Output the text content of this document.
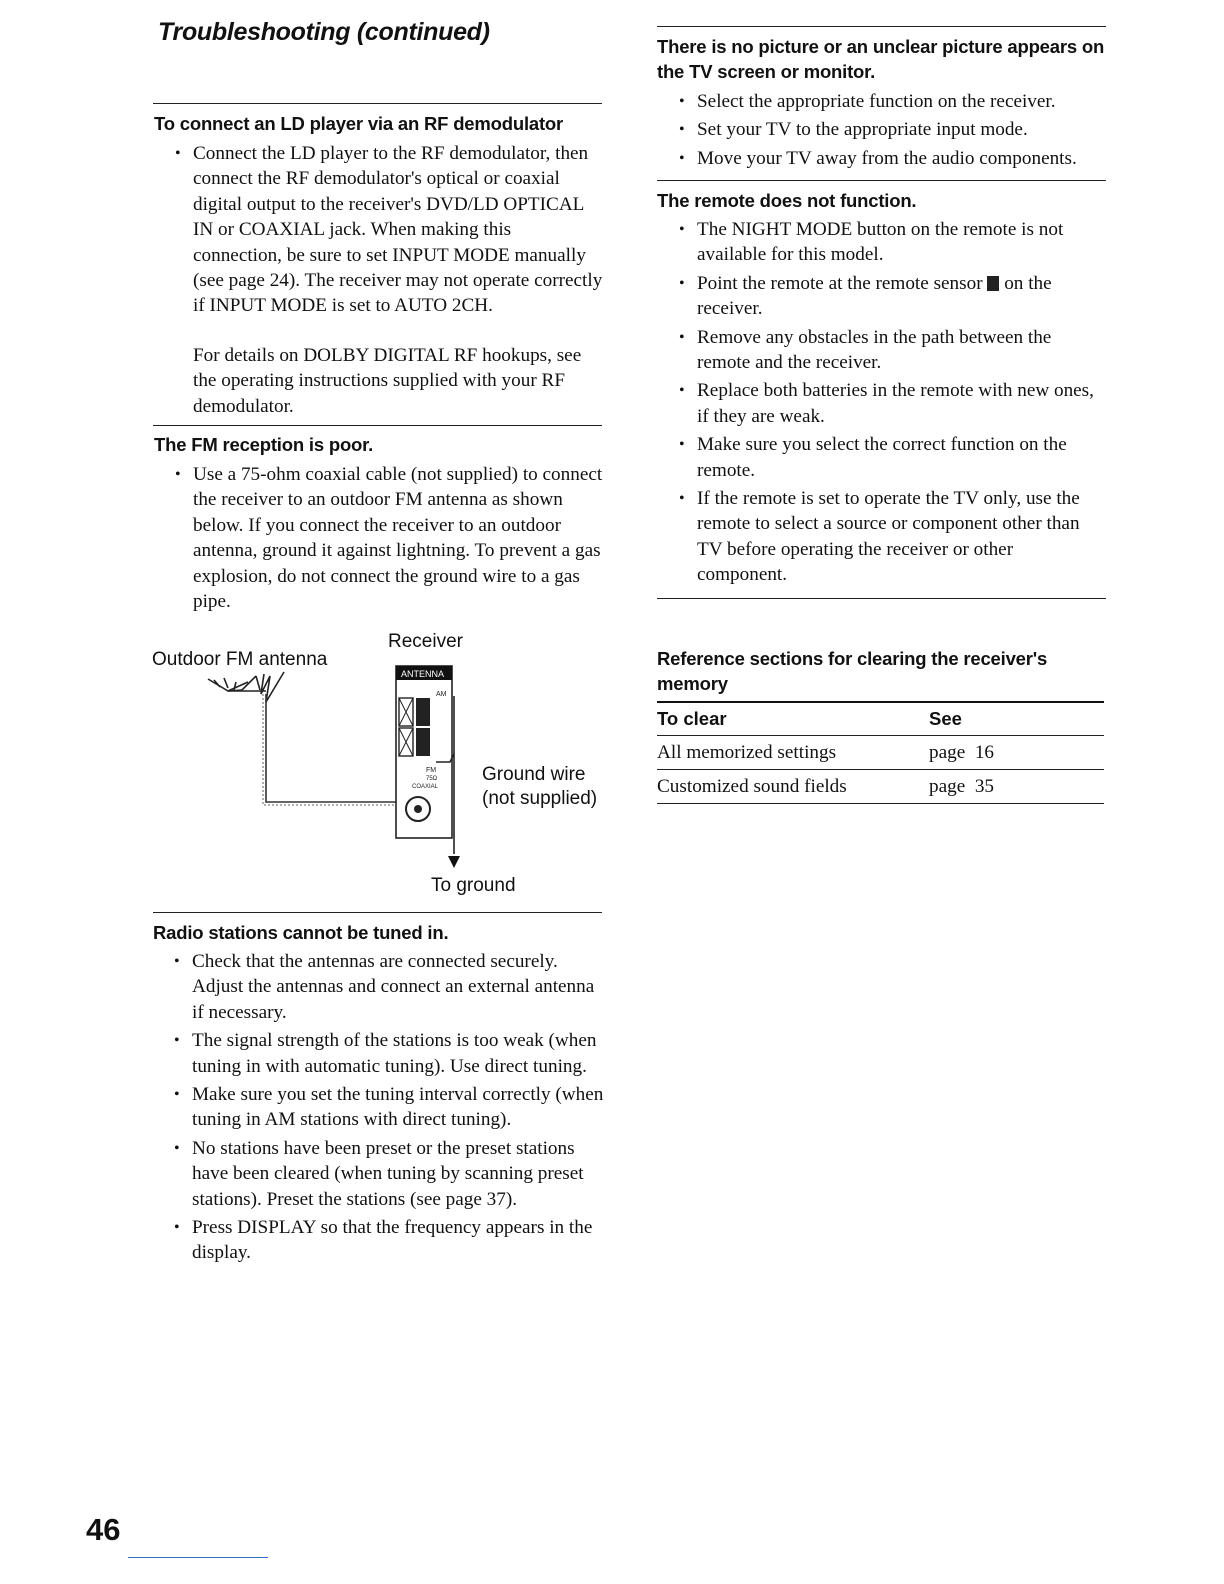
Troubleshooting (continued)
To connect an LD player via an RF demodulator
• Connect the LD player to the RF demodulator, then connect the RF demodulator's optical or coaxial digital output to the receiver's DVD/LD OPTICAL IN or COAXIAL jack. When making this connection, be sure to set INPUT MODE manually (see page 24). The receiver may not operate correctly if INPUT MODE is set to AUTO 2CH.

For details on DOLBY DIGITAL RF hookups, see the operating instructions supplied with your RF demodulator.

The FM reception is poor.
• Use a 75-ohm coaxial cable (not supplied) to connect the receiver to an outdoor FM antenna as shown below. If you connect the receiver to an outdoor antenna, ground it against lightning. To prevent a gas explosion, do not connect the ground wire to a gas pipe.
Receiver
Outdoor FM antenna
ANTENNA
AM
FM
75Ω
COAXIAL
Ground wire
(not supplied)
To ground
Radio stations cannot be tuned in.
• Check that the antennas are connected securely. Adjust the antennas and connect an external antenna if necessary.
• The signal strength of the stations is too weak (when tuning in with automatic tuning). Use direct tuning.
• Make sure you set the tuning interval correctly (when tuning in AM stations with direct tuning).
• No stations have been preset or the preset stations have been cleared (when tuning by scanning preset stations). Preset the stations (see page 37).
• Press DISPLAY so that the frequency appears in the display.
There is no picture or an unclear picture appears on the TV screen or monitor.
• Select the appropriate function on the receiver.
• Set your TV to the appropriate input mode.
• Move your TV away from the audio components.
The remote does not function.
• The NIGHT MODE button on the remote is not available for this model.
• Point the remote at the remote sensor on the receiver.
• Remove any obstacles in the path between the remote and the receiver.
• Replace both batteries in the remote with new ones, if they are weak.
• Make sure you select the correct function on the remote.
• If the remote is set to operate the TV only, use the remote to select a source or component other than TV before operating the receiver or other component.
Reference sections for clearing the receiver's memory
To clear	See
All memorized settings	page  16
Customized sound fields	page  35

46
